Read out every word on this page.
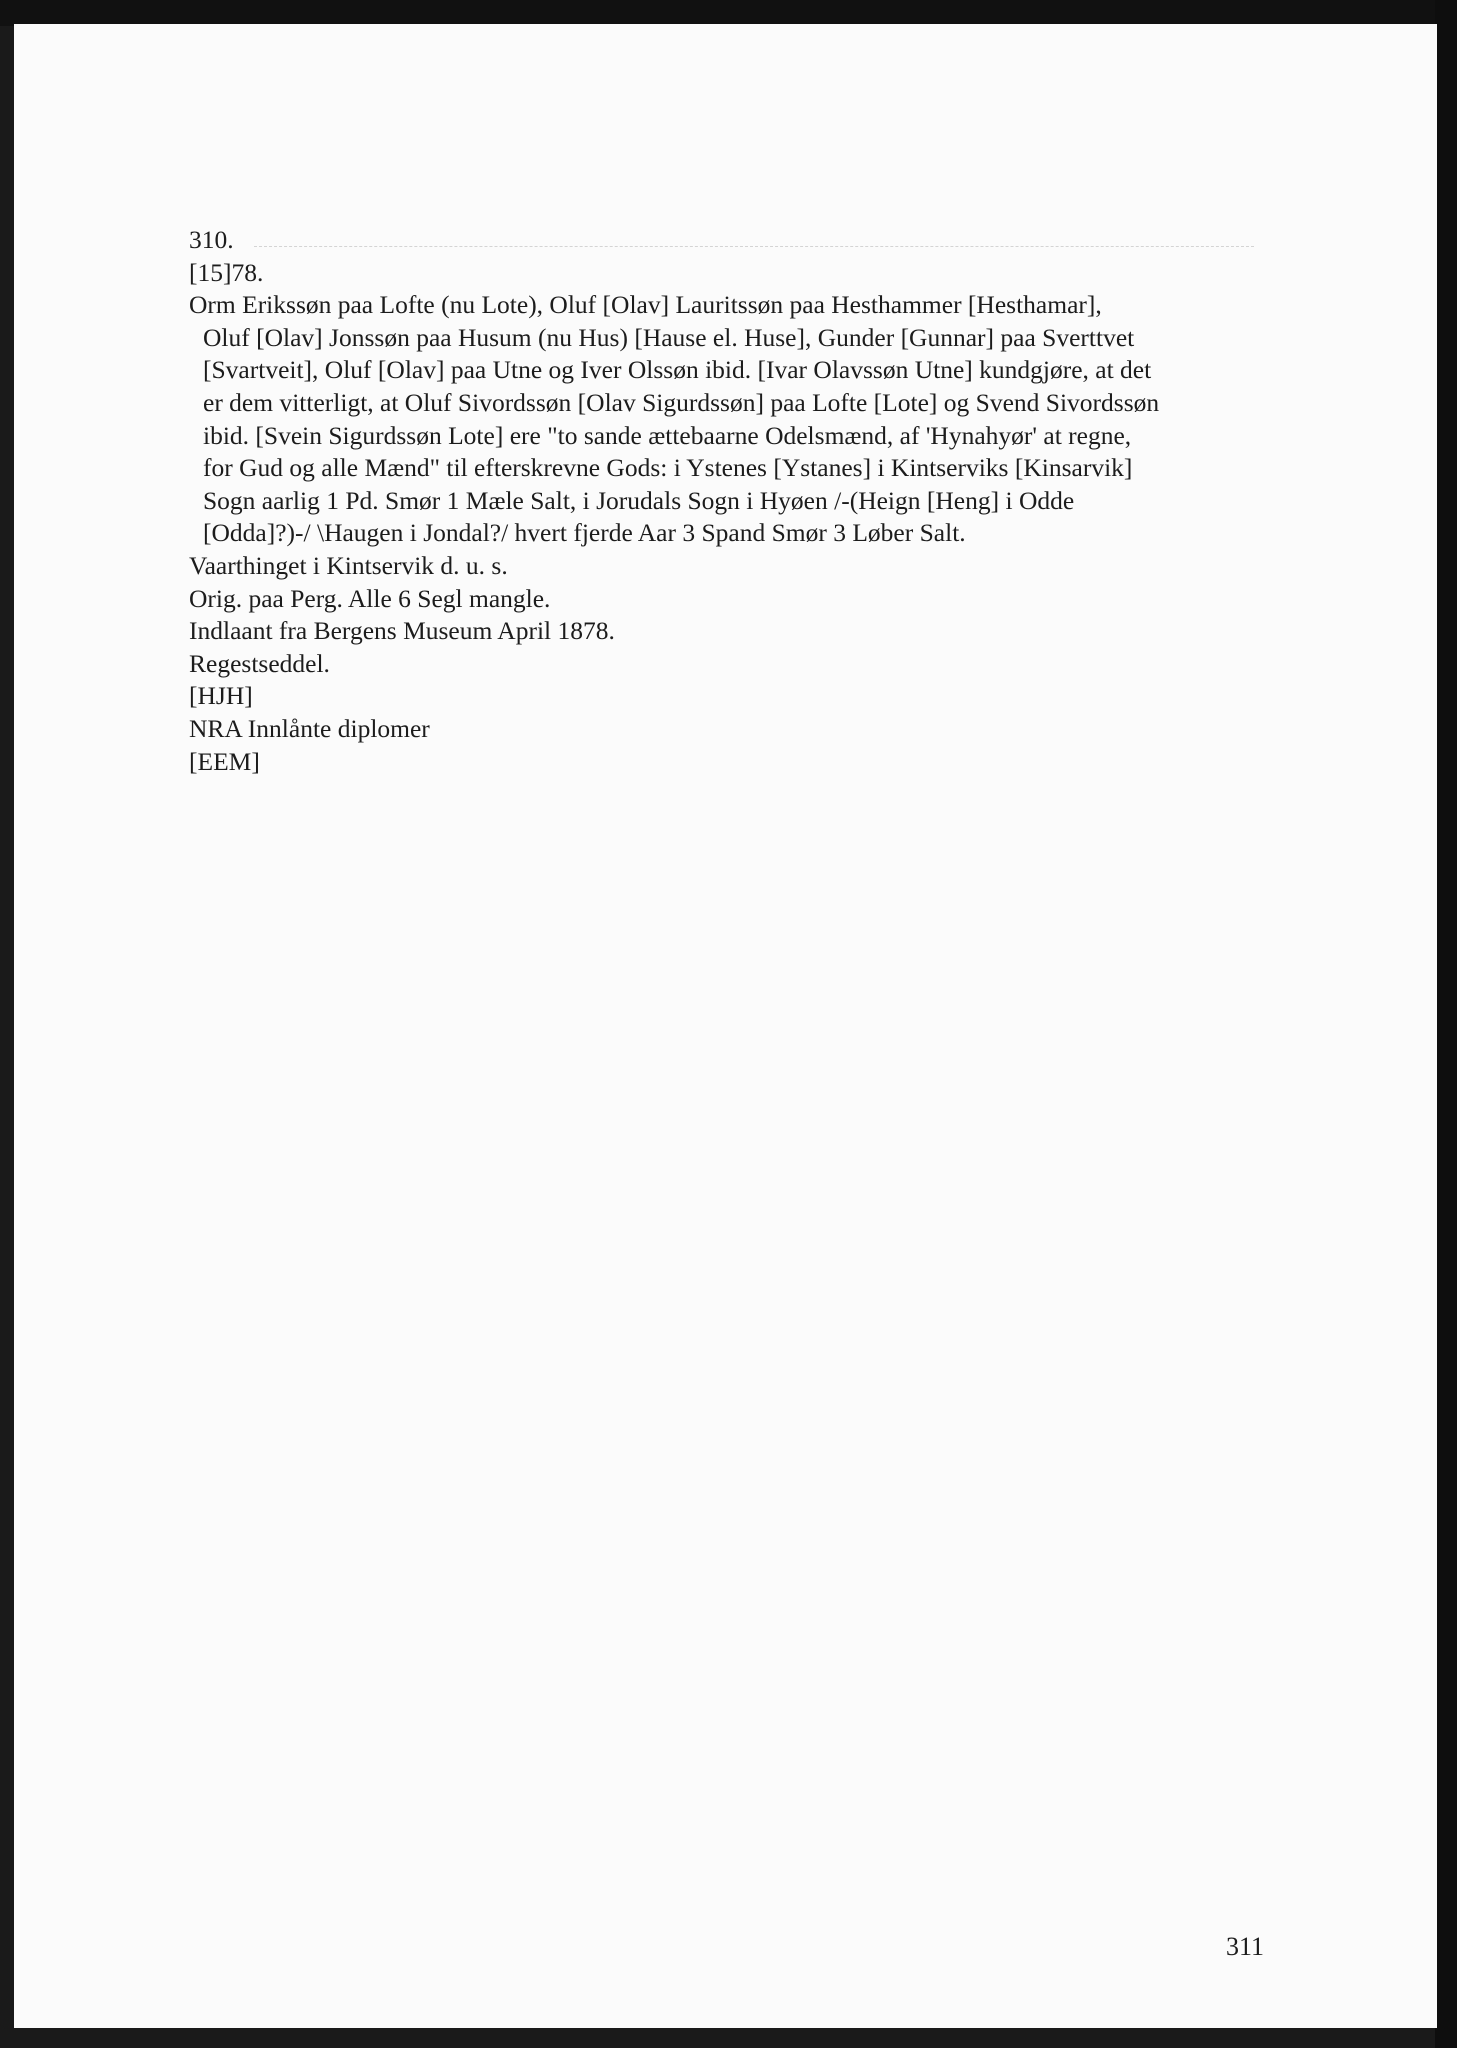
310.
[15]78.
Orm Erikssøn paa Lofte (nu Lote), Oluf [Olav] Lauritssøn paa Hesthammer [Hesthamar],
Oluf [Olav] Jonssøn paa Husum (nu Hus) [Hause el. Huse], Gunder [Gunnar] paa Sverttvet
[Svartveit], Oluf [Olav] paa Utne og Iver Olssøn ibid. [Ivar Olavssøn Utne] kundgjøre, at det
er dem vitterligt, at Oluf Sivordssøn [Olav Sigurdssøn] paa Lofte [Lote] og Svend Sivordssøn
ibid. [Svein Sigurdssøn Lote] ere "to sande ættebaarne Odelsmænd, af 'Hynahyør' at regne,
for Gud og alle Mænd" til efterskrevne Gods: i Ystenes [Ystanes] i Kintserviks [Kinsarvik]
Sogn aarlig 1 Pd. Smør 1 Mæle Salt, i Jorudals Sogn i Hyøen /-(Heign [Heng] i Odde
[Odda]?)-/ \Haugen i Jondal?/ hvert fjerde Aar 3 Spand Smør 3 Løber Salt.
Vaarthinget i Kintservik d. u. s.
Orig. paa Perg. Alle 6 Segl mangle.
Indlaant fra Bergens Museum April 1878.
Regestseddel.
[HJH]
NRA Innlånte diplomer
[EEM]
311
